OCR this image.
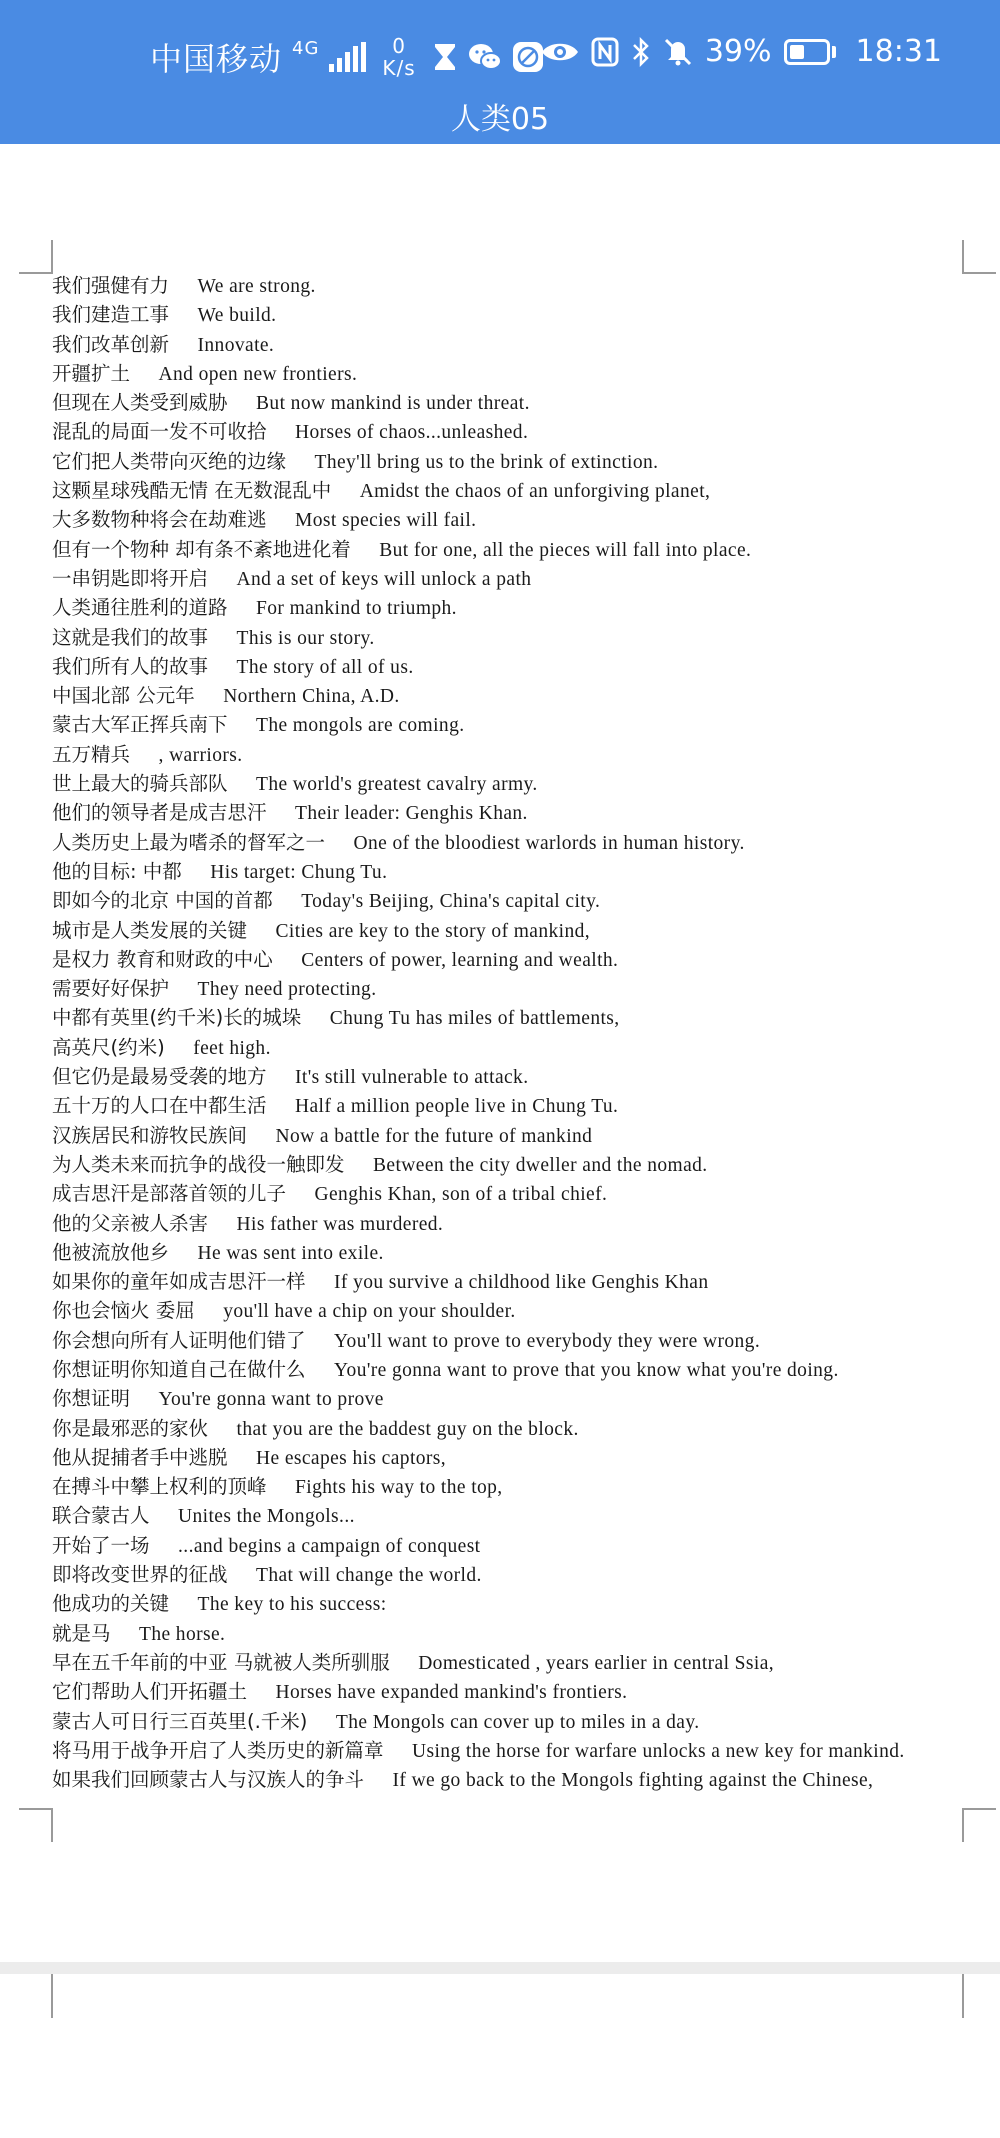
中国移动 4G	0
K/s	39%	18:31
人类05
我们强健有力   We are strong.
我们建造工事   We build.
我们改革创新   Innovate.
开疆扩土   And open new frontiers.
但现在人类受到威胁   But now mankind is under threat.
混乱的局面一发不可收拾   Horses of chaos...unleashed.
它们把人类带向灭绝的边缘   They'll bring us to the brink of extinction.
这颗星球残酷无情 在无数混乱中   Amidst the chaos of an unforgiving planet,
大多数物种将会在劫难逃   Most species will fail.
但有一个物种 却有条不紊地进化着   But for one, all the pieces will fall into place.
一串钥匙即将开启   And a set of keys will unlock a path
人类通往胜利的道路   For mankind to triumph.
这就是我们的故事   This is our story.
我们所有人的故事   The story of all of us.
中国北部 公元年   Northern China, A.D.
蒙古大军正挥兵南下   The mongols are coming.
五万精兵   , warriors.
世上最大的骑兵部队   The world's greatest cavalry army.
他们的领导者是成吉思汗   Their leader: Genghis Khan.
人类历史上最为嗜杀的督军之一   One of the bloodiest warlords in human history.
他的目标: 中都   His target: Chung Tu.
即如今的北京 中国的首都   Today's Beijing, China's capital city.
城市是人类发展的关键   Cities are key to the story of mankind,
是权力 教育和财政的中心   Centers of power, learning and wealth.
需要好好保护   They need protecting.
中都有英里(约千米)长的城垛   Chung Tu has miles of battlements,
高英尺(约米)   feet high.
但它仍是最易受袭的地方   It's still vulnerable to attack.
五十万的人口在中都生活   Half a million people live in Chung Tu.
汉族居民和游牧民族间   Now a battle for the future of mankind
为人类未来而抗争的战役一触即发   Between the city dweller and the nomad.
成吉思汗是部落首领的儿子   Genghis Khan, son of a tribal chief.
他的父亲被人杀害   His father was murdered.
他被流放他乡   He was sent into exile.
如果你的童年如成吉思汗一样   If you survive a childhood like Genghis Khan
你也会恼火 委屈   you'll have a chip on your shoulder.
你会想向所有人证明他们错了   You'll want to prove to everybody they were wrong.
你想证明你知道自己在做什么   You're gonna want to prove that you know what you're doing.
你想证明   You're gonna want to prove
你是最邪恶的家伙   that you are the baddest guy on the block.
他从捉捕者手中逃脱   He escapes his captors,
在搏斗中攀上权利的顶峰   Fights his way to the top,
联合蒙古人   Unites the Mongols...
开始了一场   ...and begins a campaign of conquest
即将改变世界的征战   That will change the world.
他成功的关键   The key to his success:
就是马   The horse.
早在五千年前的中亚 马就被人类所驯服   Domesticated , years earlier in central Ssia,
它们帮助人们开拓疆土   Horses have expanded mankind's frontiers.
蒙古人可日行三百英里(.千米)   The Mongols can cover up to miles in a day.
将马用于战争开启了人类历史的新篇章   Using the horse for warfare unlocks a new key for mankind.
如果我们回顾蒙古人与汉族人的争斗   If we go back to the Mongols fighting against the Chinese,
